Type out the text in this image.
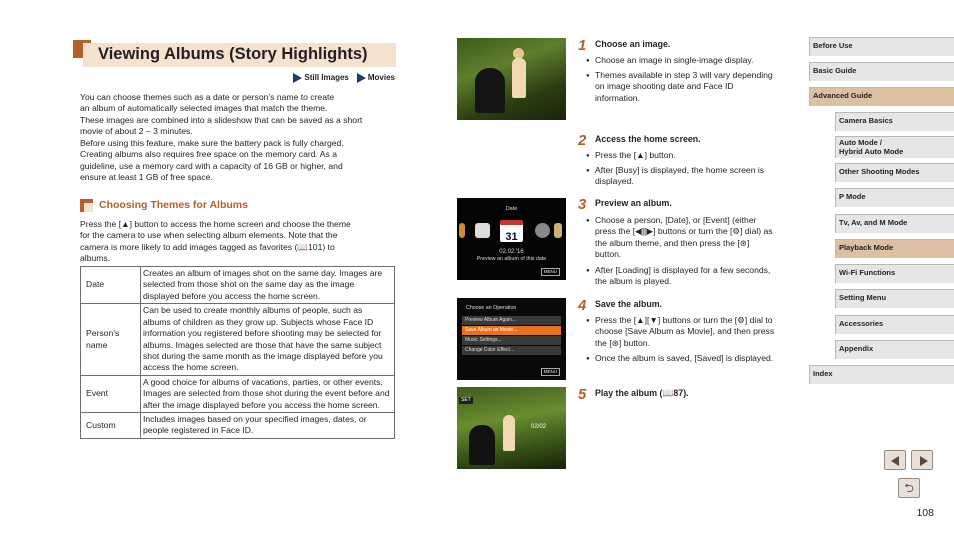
Viewing Albums (Story Highlights)
Still Images Movies

You can choose themes such as a date or person’s name to create

an album of automatically selected images that match the theme.

These images are combined into a slideshow that can be saved as a short

movie of about 2 – 3 minutes.

Before using this feature, make sure the battery pack is fully charged.

Creating albums also requires free space on the memory card. As a

guideline, use a memory card with a capacity of 16 GB or higher, and

ensure at least 1 GB of free space.

Choosing Themes for Albums
Press the [▲] button to access the home screen and choose the theme
for the camera to use when selecting album elements. Note that the
camera is more likely to add images tagged as favorites (📖101) to
albums.
Date	Creates an album of images shot on the same day. Images are selected from those shot on the same day as the image displayed before you access the home screen.
Person’s name	Can be used to create monthly albums of people, such as albums of children as they grow up. Subjects whose Face ID information you registered before shooting may be selected for albums. Images selected are those that have the same subject shot during the same month as the image displayed before you access the home screen.
Event	A good choice for albums of vacations, parties, or other events. Images are selected from those shot during the event before and after the image displayed before you access the home screen.
Custom	Includes images based on your specified images, dates, or people registered in Face ID.
Date
31
02.02.'16
Preview an album of this date
MENU
Choose an Operation
Preview Album Again...
Save Album as Movie...
Music Settings...
Change Color Effect...
MENU
SET
02/02
1 Choose an image.
● Choose an image in single-image display.
● Themes available in step 3 will vary depending on image shooting date and Face ID information.
2 Access the home screen.
● Press the [▲] button.
● After [Busy] is displayed, the home screen is displayed.
3 Preview an album.
● Choose a person, [Date], or [Event] (either press the [◀][▶] buttons or turn the [⚙] dial) as the album theme, and then press the [⊛] button.
● After [Loading] is displayed for a few seconds, the album is played.
4 Save the album.
● Press the [▲][▼] buttons or turn the [⚙] dial to choose [Save Album as Movie], and then press the [⊛] button.
● Once the album is saved, [Saved] is displayed.
5 Play the album (📖87).
Before Use
Basic Guide
Advanced Guide
Camera Basics
Auto Mode /
Hybrid Auto Mode
Other Shooting Modes
P Mode
Tv, Av, and M Mode
Playback Mode
Wi-Fi Functions
Setting Menu
Accessories
Appendix
Index
⮌
108
